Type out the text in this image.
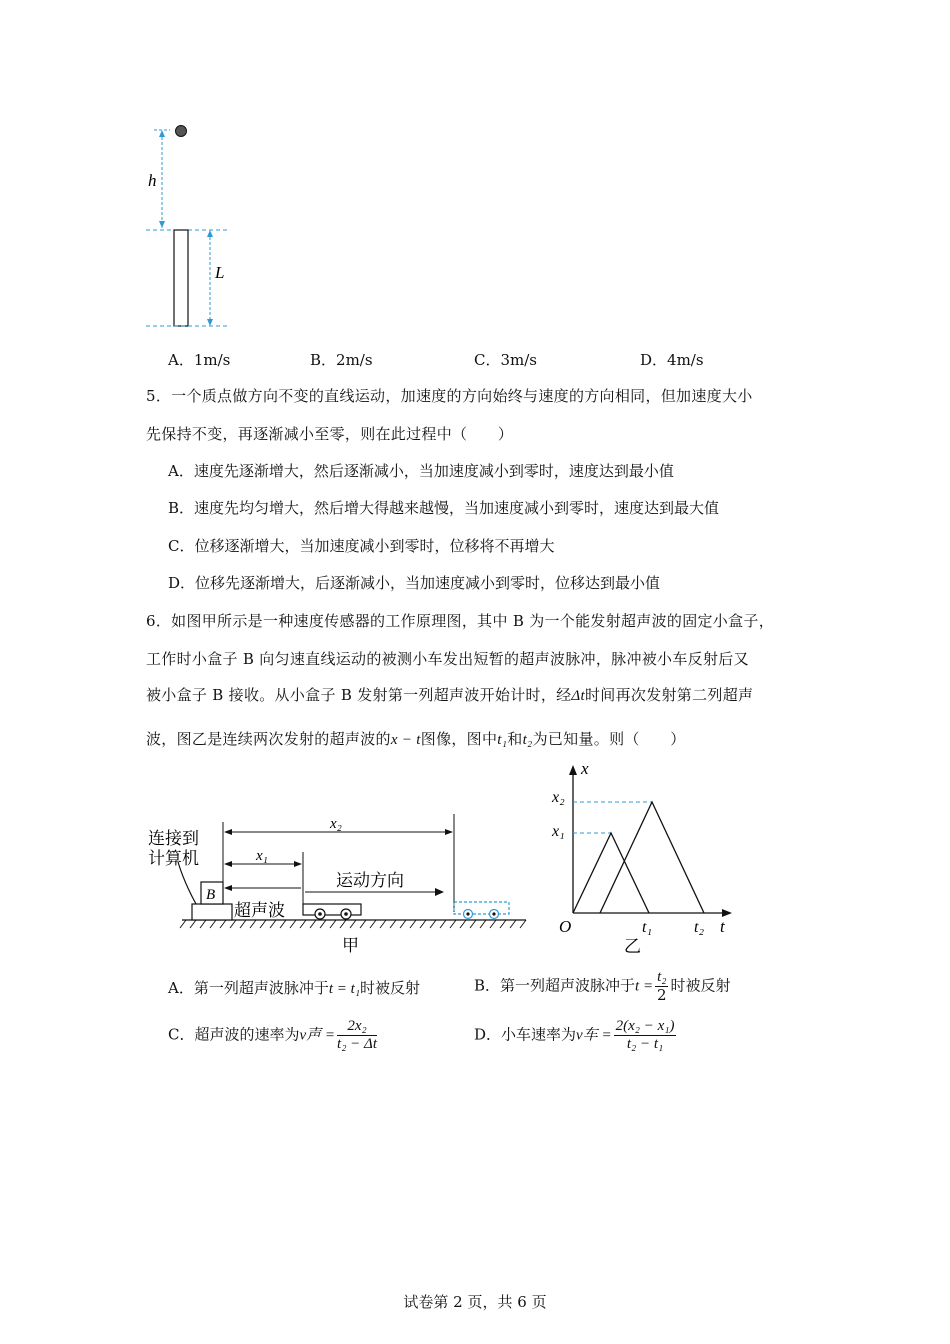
h
L
A．1m/s	B．2m/s	C．3m/s	D．4m/s
5．一个质点做方向不变的直线运动，加速度的方向始终与速度的方向相同，但加速度大小
先保持不变，再逐渐减小至零，则在此过程中（　　）
A．速度先逐渐增大，然后逐渐减小，当加速度减小到零时，速度达到最小值
B．速度先均匀增大，然后增大得越来越慢，当加速度减小到零时，速度达到最大值
C．位移逐渐增大，当加速度减小到零时，位移将不再增大
D．位移先逐渐增大，后逐渐减小，当加速度减小到零时，位移达到最小值
6．如图甲所示是一种速度传感器的工作原理图，其中 B 为一个能发射超声波的固定小盒子，
工作时小盒子 B 向匀速直线运动的被测小车发出短暂的超声波脉冲，脉冲被小车反射后又
被小盒子 B 接收。从小盒子 B 发射第一列超声波开始计时，经Δt时间再次发射第二列超声
波，图乙是连续两次发射的超声波的x − t图像，图中t₁和t₂为已知量。则（　　）
B
连接到
计算机
x₂
x₁
运动方向
超声波
甲
x
t
O
x₂
x₁
t₁	t₂
乙
A．第一列超声波脉冲于t = t₁时被反射	B．第一列超声波脉冲于$t = \frac{\text{t₂}}{2}$ 时被反射
C．超声波的速率为v声 = $\frac{\text{2x₂}}{\text{t₂ − Δt}}$	D．小车速率为v车 = $\frac{\text{2(x₂ − x₁)}}{\text{t₂ − t₁}}$
试卷第 2 页，共 6 页
